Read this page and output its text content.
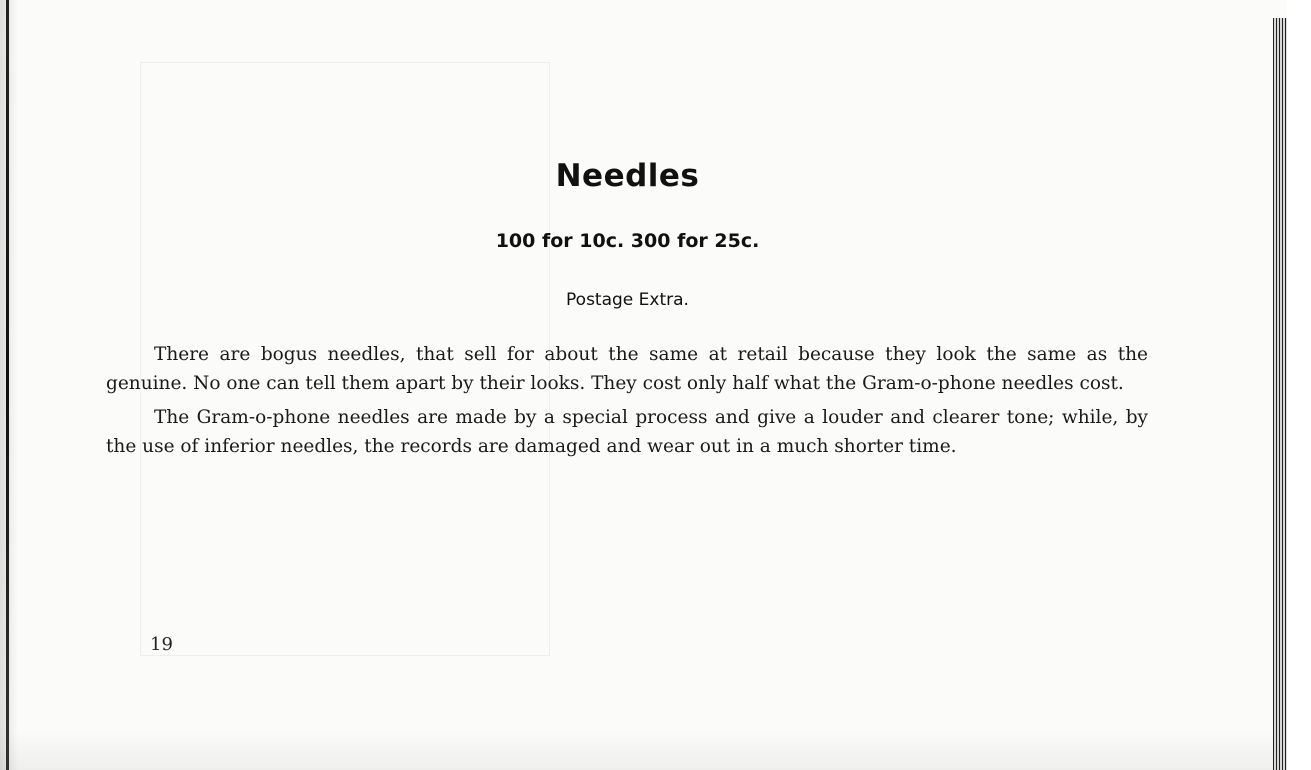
Needles
100 for 10c. 300 for 25c.
Postage Extra.

There are bogus needles, that sell for about the same at retail because they look the same as the genuine. No one can tell them apart by their looks. They cost only half what the Gram-o-phone needles cost.

The Gram-o-phone needles are made by a special process and give a louder and clearer tone; while, by the use of inferior needles, the records are damaged and wear out in a much shorter time.

19
